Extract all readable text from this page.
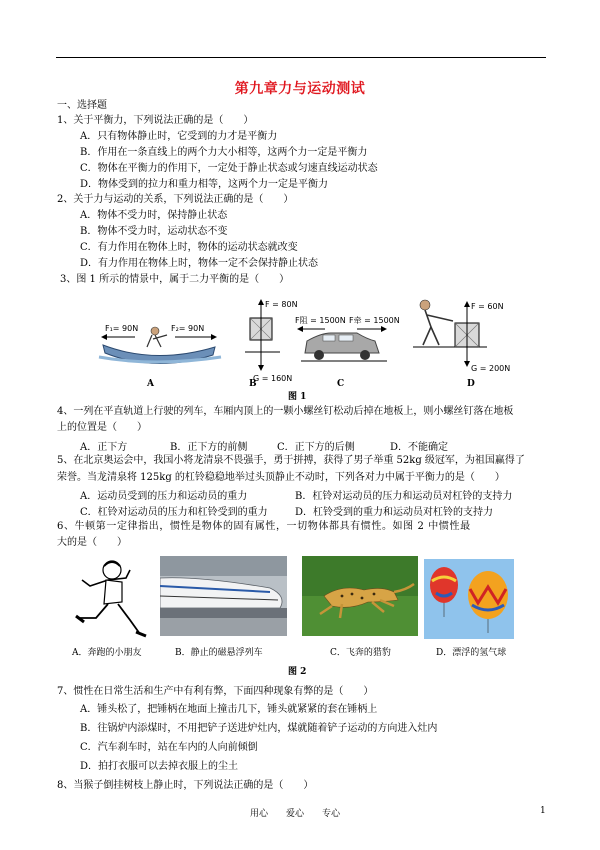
第九章力与运动测试
一、选择题
1、关于平衡力，下列说法正确的是（　　）
A．只有物体静止时，它受到的力才是平衡力
B．作用在一条直线上的两个力大小相等，这两个力一定是平衡力
C．物体在平衡力的作用下，一定处于静止状态或匀速直线运动状态
D．物体受到的拉力和重力相等，这两个力一定是平衡力
2、关于力与运动的关系，下列说法正确的是（　　）
A．物体不受力时，保持静止状态
B．物体不受力时，运动状态不变
C．有力作用在物体上时，物体的运动状态就改变
D．有力作用在物体上时，物体一定不会保持静止状态
3、图 1 所示的情景中，属于二力平衡的是（　　）
F₁= 90N	F₂= 90N
F = 80N
G = 160N
F阻 = 1500N F牵 = 1500N
F = 60N
G = 200N
A	B	C	D
图 1
4、一列在平直轨道上行驶的列车，车厢内顶上的一颗小螺丝钉松动后掉在地板上，则小螺丝钉落在地板
上的位置是（　　）
A．正下方	B．正下方的前侧	C．正下方的后侧	D．不能确定
5、在北京奥运会中，我国小将龙清泉不畏强手，勇于拼搏，获得了男子举重 52kg 级冠军，为祖国赢得了
荣誉。当龙清泉将 125kg 的杠铃稳稳地举过头顶静止不动时，下列各对力中属于平衡力的是（　　）
A．运动员受到的压力和运动员的重力	B．杠铃对运动员的压力和运动员对杠铃的支持力
C．杠铃对运动员的压力和杠铃受到的重力	D．杠铃受到的重力和运动员对杠铃的支持力
6、牛顿第一定律指出，惯性是物体的固有属性，一切物体都具有惯性。如图 2 中惯性最
大的是（　　）
A．奔跑的小朋友	B．静止的磁悬浮列车	C．飞奔的猎豹	D．漂浮的氢气球
图 2
7、惯性在日常生活和生产中有利有弊，下面四种现象有弊的是（　　）
A．锤头松了，把锤柄在地面上撞击几下，锤头就紧紧的套在锤柄上
B．往锅炉内添煤时，不用把铲子送进炉灶内，煤就随着铲子运动的方向进入灶内
C．汽车刹车时，站在车内的人向前倾倒
D．拍打衣服可以去掉衣服上的尘土
8、当猴子倒挂树枝上静止时，下列说法正确的是（　　）
用心　　爱心　　专心	1
